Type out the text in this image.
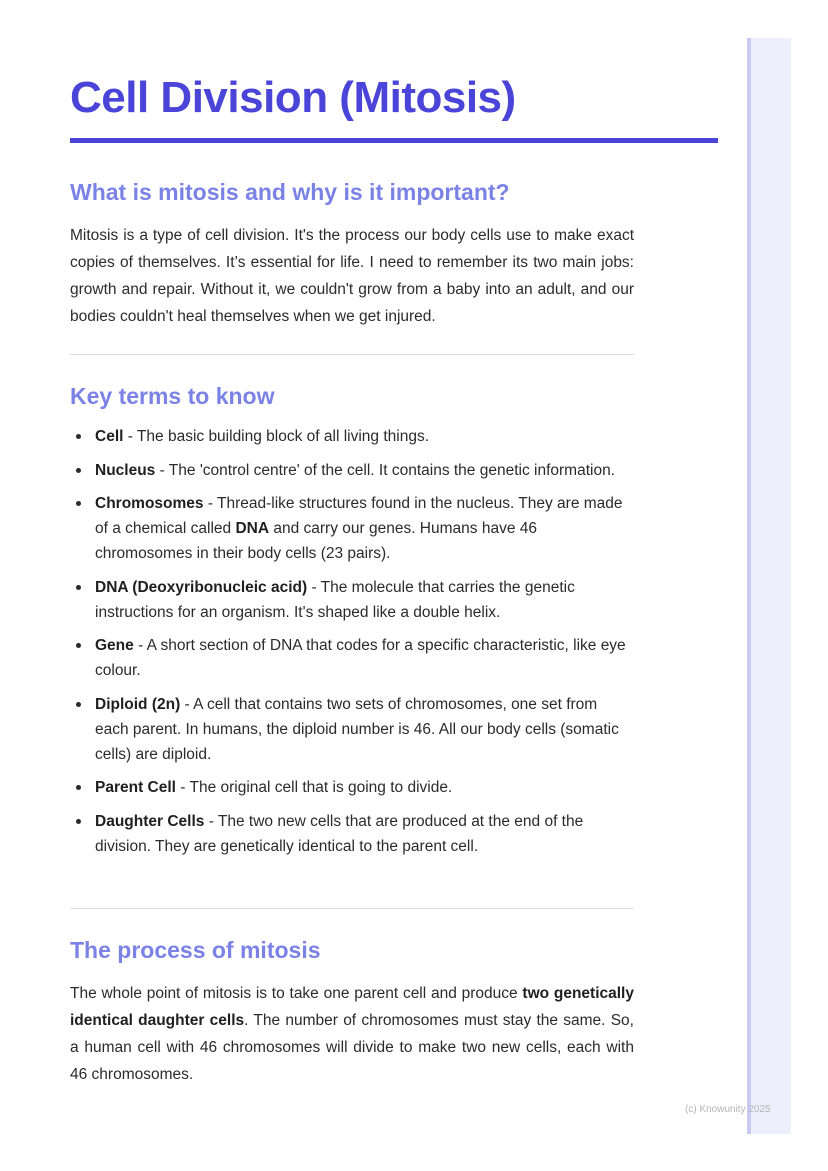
Cell Division (Mitosis)
What is mitosis and why is it important?

Mitosis is a type of cell division. It's the process our body cells use to make exact copies of themselves. It’s essential for life. I need to remember its two main jobs: growth and repair. Without it, we couldn't grow from a baby into an adult, and our bodies couldn't heal themselves when we get injured.

Key terms to know
Cell - The basic building block of all living things.
Nucleus - The 'control centre' of the cell. It contains the genetic information.
Chromosomes - Thread-like structures found in the nucleus. They are made of a chemical called DNA and carry our genes. Humans have 46 chromosomes in their body cells (23 pairs).
DNA (Deoxyribonucleic acid) - The molecule that carries the genetic instructions for an organism. It's shaped like a double helix.
Gene - A short section of DNA that codes for a specific characteristic, like eye colour.
Diploid (2n) - A cell that contains two sets of chromosomes, one set from each parent. In humans, the diploid number is 46. All our body cells (somatic cells) are diploid.
Parent Cell - The original cell that is going to divide.
Daughter Cells - The two new cells that are produced at the end of the division. They are genetically identical to the parent cell.
The process of mitosis

The whole point of mitosis is to take one parent cell and produce two genetically identical daughter cells. The number of chromosomes must stay the same. So, a human cell with 46 chromosomes will divide to make two new cells, each with 46 chromosomes.

(c) Knowunity 2025
